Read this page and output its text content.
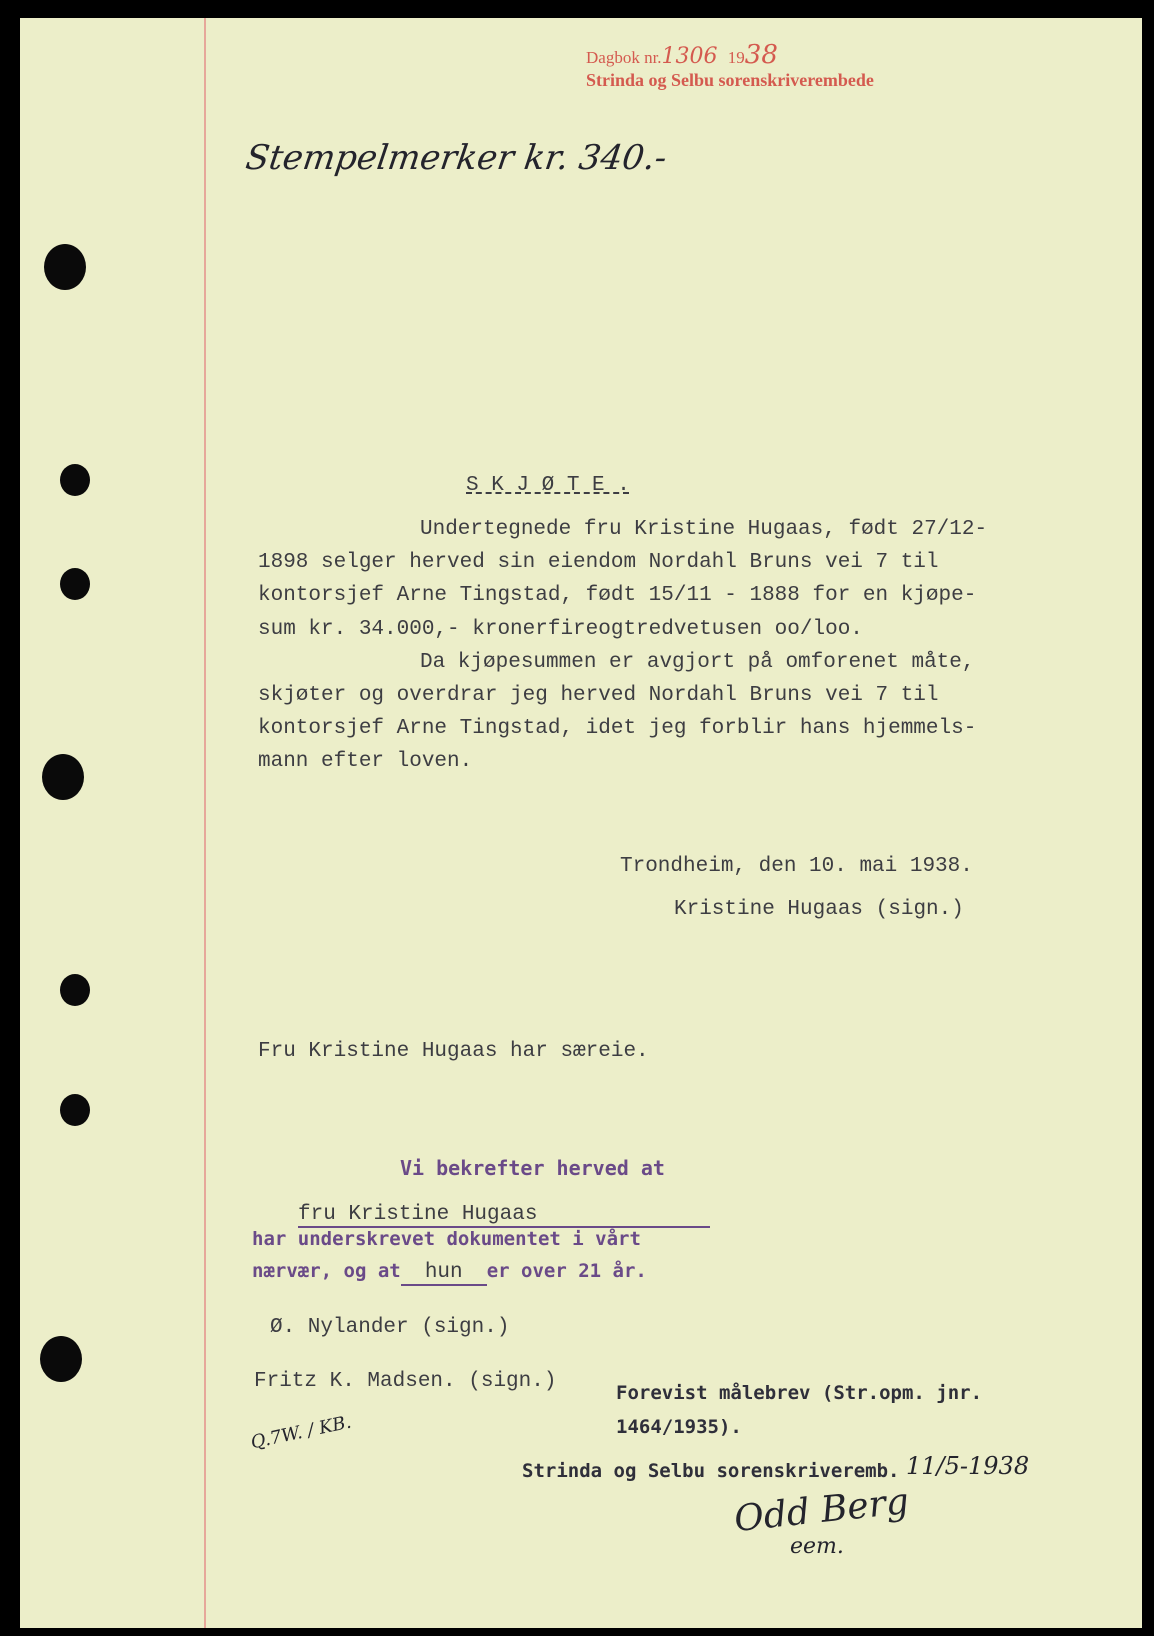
Dagbok nr.1306 1938
Strinda og Selbu sorenskriverembede
Stempelmerker kr. 340.-
S K J Ø T E .
Undertegnede fru Kristine Hugaas, født 27/12-
1898 selger herved sin eiendom Nordahl Bruns vei 7 til
kontorsjef Arne Tingstad, født 15/11 - 1888 for en kjøpe-
sum kr. 34.000,- kronerfireogtredvetusen oo/loo.
Da kjøpesummen er avgjort på omforenet måte,
skjøter og overdrar jeg herved Nordahl Bruns vei 7 til
kontorsjef Arne Tingstad, idet jeg forblir hans hjemmels-
mann efter loven.
Trondheim, den 10. mai 1938.
Kristine Hugaas (sign.)
Fru Kristine Hugaas har særeie.
Vi bekrefter herved at
fru Kristine Hugaas
har underskrevet dokumentet i vårt
nærvær, og at hun er over 21 år.
Ø. Nylander (sign.)
Fritz K. Madsen. (sign.)	Forevist målebrev (Str.opm. jnr.
1464/1935).
Q.7W. / KB.
Strinda og Selbu sorenskriveremb. 11/5-1938
Odd Berg
eem.
